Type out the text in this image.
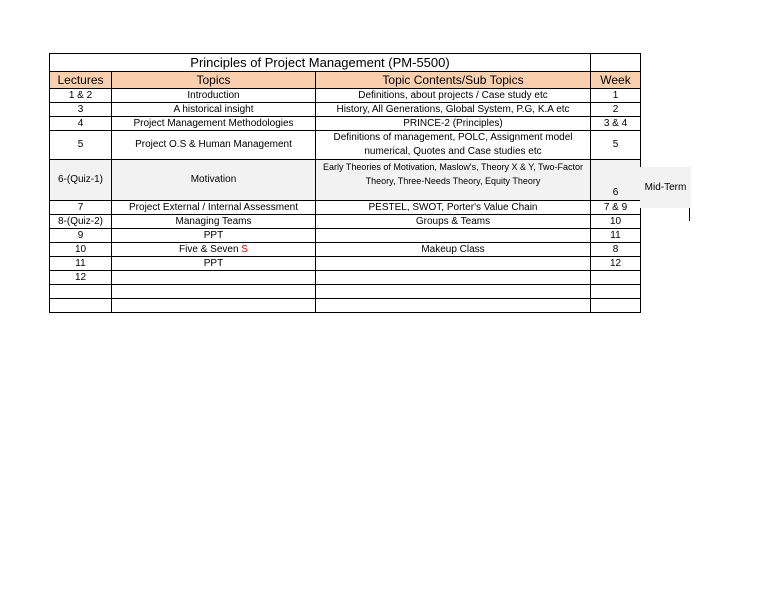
Principles of Project Management (PM-5500)			
Lectures	Topics	Topic Contents/Sub Topics	Week
1 & 2	Introduction	Definitions, about projects / Case study etc	1
3	A historical insight	History, All Generations, Global System, P.G, K.A etc	2
4	Project Management Methodologies	PRINCE-2 (Principles)	3 & 4
5	Project O.S & Human Management	Definitions of management, POLC, Assignment model numerical, Quotes and Case studies etc	5
6-(Quiz-1)	Motivation	Early Theories of Motivation, Maslow's, Theory X & Y, Two-Factor Theory, Three-Needs Theory, Equity Theory	6
7	Project External / Internal Assessment	PESTEL, SWOT, Porter's Value Chain	7 & 9
8-(Quiz-2)	Managing Teams	Groups & Teams	10
9	PPT		11
10	Five & Seven S	Makeup Class	8
11	PPT		12
12			

Mid-Term
